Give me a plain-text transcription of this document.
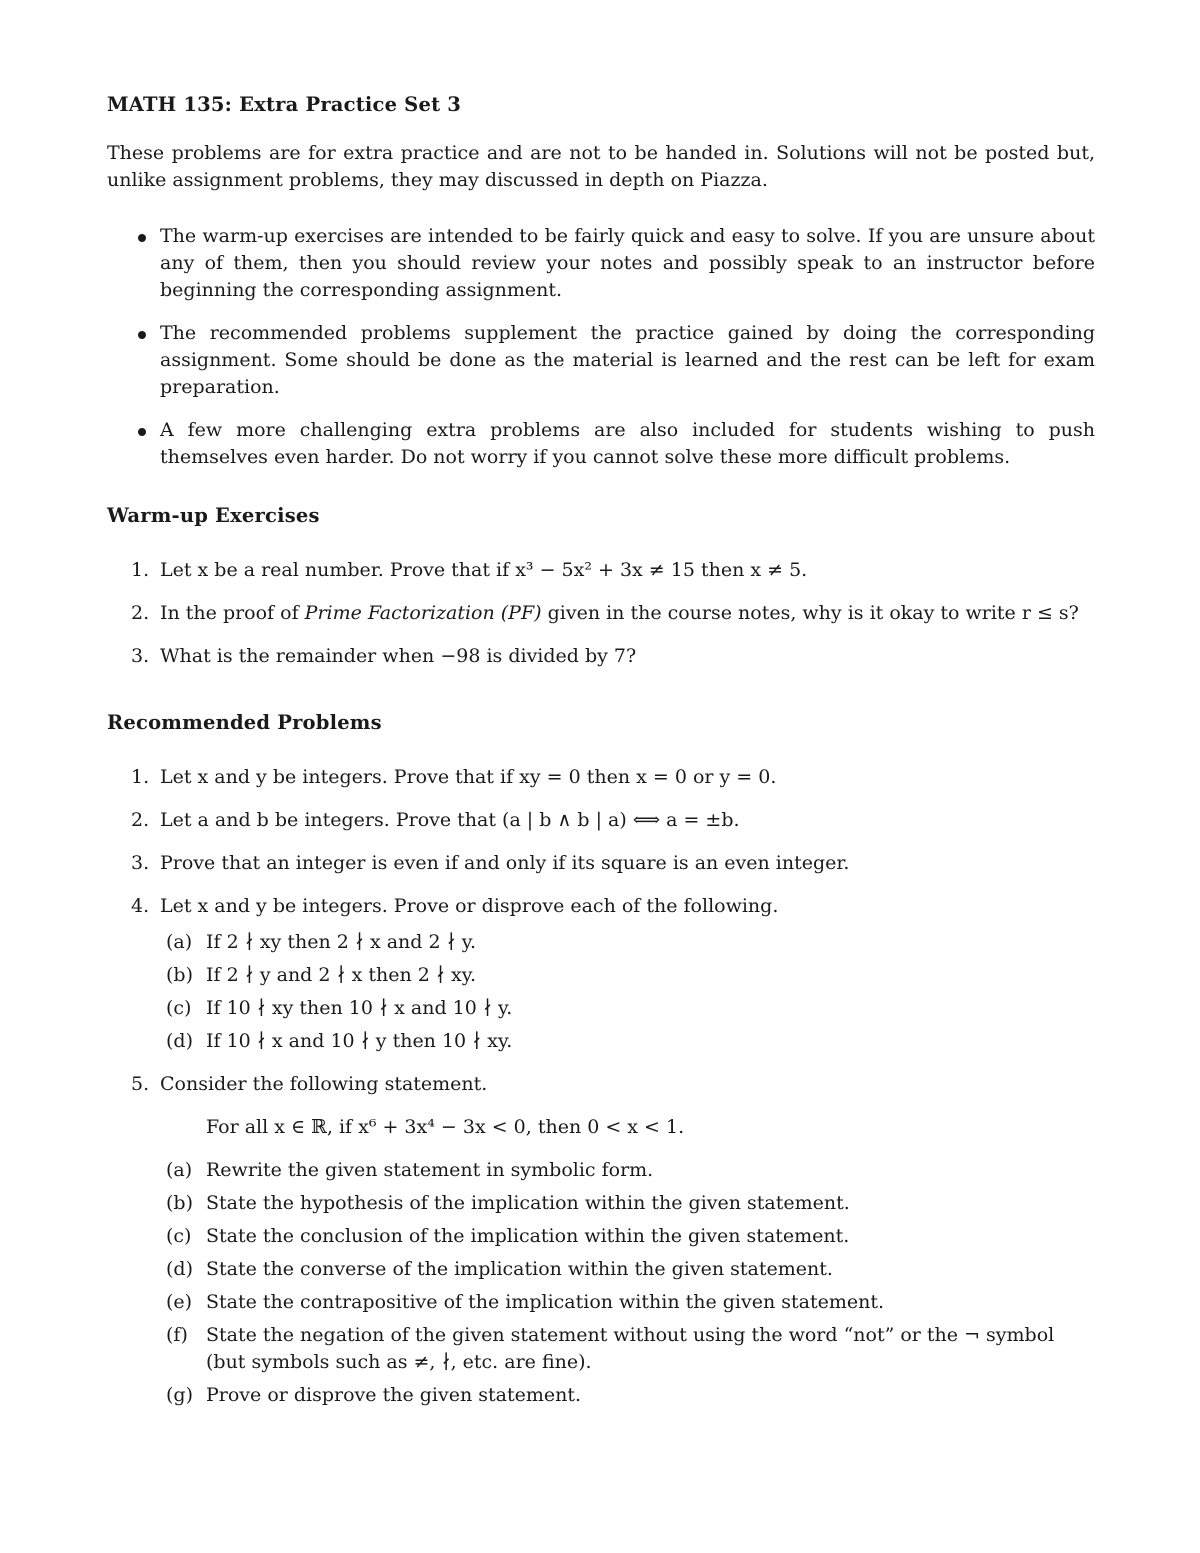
MATH 135: Extra Practice Set 3

These problems are for extra practice and are not to be handed in. Solutions will not be posted but, unlike assignment problems, they may discussed in depth on Piazza.

The warm-up exercises are intended to be fairly quick and easy to solve. If you are unsure about any of them, then you should review your notes and possibly speak to an instructor before beginning the corresponding assignment.
The recommended problems supplement the practice gained by doing the corresponding assignment. Some should be done as the material is learned and the rest can be left for exam preparation.
A few more challenging extra problems are also included for students wishing to push themselves even harder. Do not worry if you cannot solve these more difficult problems.
Warm-up Exercises
1. Let x be a real number. Prove that if x³ − 5x² + 3x ≠ 15 then x ≠ 5.
2. In the proof of Prime Factorization (PF) given in the course notes, why is it okay to write r ≤ s?
3. What is the remainder when −98 is divided by 7?
Recommended Problems
1. Let x and y be integers. Prove that if xy = 0 then x = 0 or y = 0.
2. Let a and b be integers. Prove that (a | b ∧ b | a) ⟺ a = ±b.
3. Prove that an integer is even if and only if its square is an even integer.
4. Let x and y be integers. Prove or disprove each of the following.
(a) If 2 ∤ xy then 2 ∤ x and 2 ∤ y.
(b) If 2 ∤ y and 2 ∤ x then 2 ∤ xy.
(c) If 10 ∤ xy then 10 ∤ x and 10 ∤ y.
(d) If 10 ∤ x and 10 ∤ y then 10 ∤ xy.
5. Consider the following statement.
For all x ∈ ℝ, if x⁶ + 3x⁴ − 3x < 0, then 0 < x < 1.
(a) Rewrite the given statement in symbolic form.
(b) State the hypothesis of the implication within the given statement.
(c) State the conclusion of the implication within the given statement.
(d) State the converse of the implication within the given statement.
(e) State the contrapositive of the implication within the given statement.
(f) State the negation of the given statement without using the word “not” or the ¬ symbol (but symbols such as ≠, ∤, etc. are fine).
(g) Prove or disprove the given statement.
